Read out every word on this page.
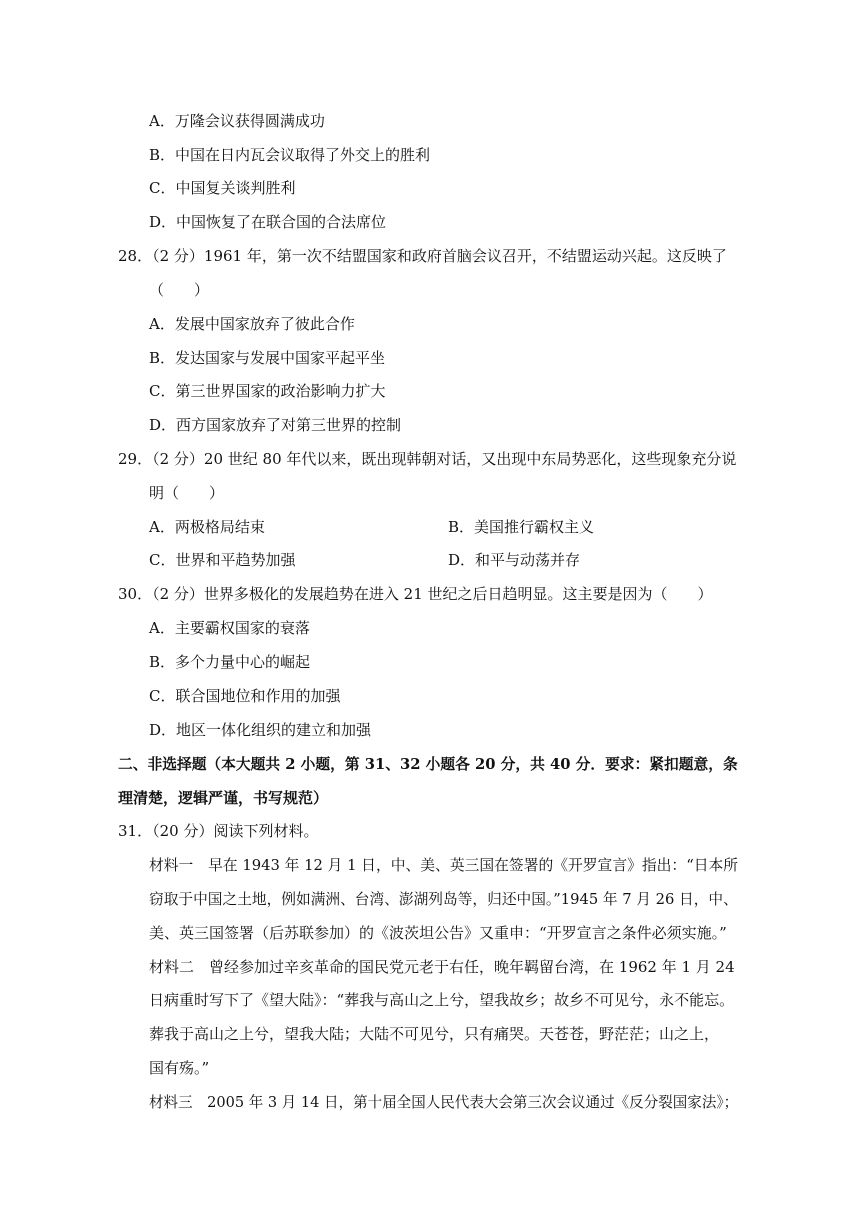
A．万隆会议获得圆满成功
B．中国在日内瓦会议取得了外交上的胜利
C．中国复关谈判胜利
D．中国恢复了在联合国的合法席位
28．（2 分）1961 年，第一次不结盟国家和政府首脑会议召开，不结盟运动兴起。这反映了
（　　）
A．发展中国家放弃了彼此合作
B．发达国家与发展中国家平起平坐
C．第三世界国家的政治影响力扩大
D．西方国家放弃了对第三世界的控制
29．（2 分）20 世纪 80 年代以来，既出现韩朝对话，又出现中东局势恶化，这些现象充分说
明（　　）
A．两极格局结束	B．美国推行霸权主义
C．世界和平趋势加强	D．和平与动荡并存
30．（2 分）世界多极化的发展趋势在进入 21 世纪之后日趋明显。这主要是因为（　　）
A．主要霸权国家的衰落
B．多个力量中心的崛起
C．联合国地位和作用的加强
D．地区一体化组织的建立和加强
二、非选择题（本大题共 2 小题，第 31、32 小题各 20 分，共 40 分．要求：紧扣题意，条
理清楚，逻辑严谨，书写规范）
31．（20 分）阅读下列材料。
材料一　早在 1943 年 12 月 1 日，中、美、英三国在签署的《开罗宣言》指出：“日本所
窃取于中国之土地，例如满洲、台湾、澎湖列岛等，归还中国。”1945 年 7 月 26 日，中、
美、英三国签署（后苏联参加）的《波茨坦公告》又重申：“开罗宣言之条件必须实施。”
材料二　曾经参加过辛亥革命的国民党元老于右任，晚年羁留台湾，在 1962 年 1 月 24
日病重时写下了《望大陆》：“葬我与高山之上兮，望我故乡；故乡不可见兮，永不能忘。
葬我于高山之上兮，望我大陆；大陆不可见兮，只有痛哭。天苍苍，野茫茫；山之上，
国有殇。”
材料三　2005 年 3 月 14 日，第十届全国人民代表大会第三次会议通过《反分裂国家法》；
